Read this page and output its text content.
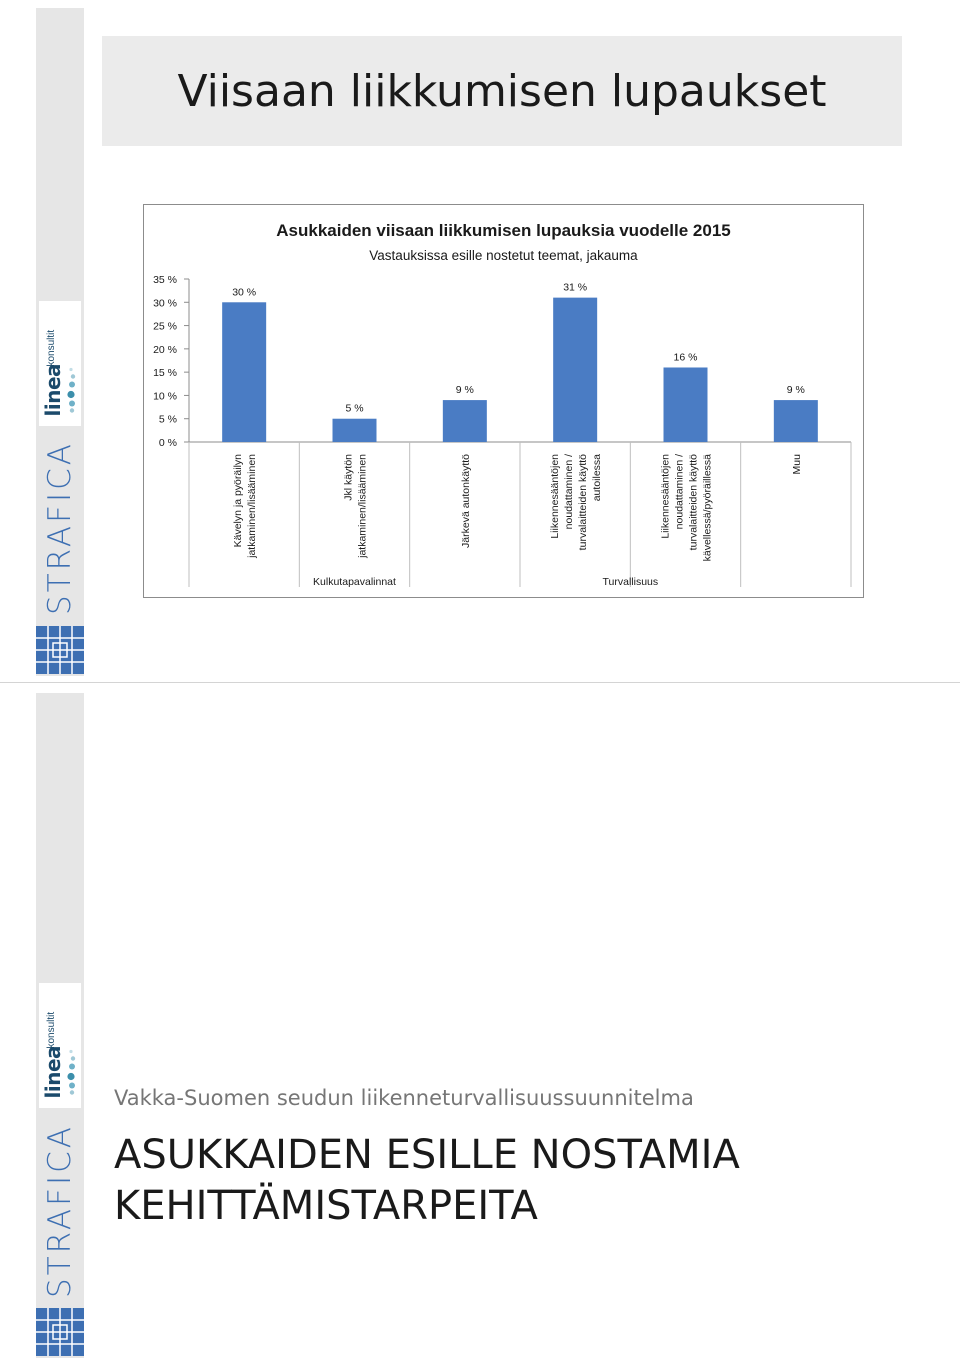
linea
konsultit
STRAFICA
Viisaan liikkumisen lupaukset
Asukkaiden viisaan liikkumisen lupauksia vuodelle 2015
Vastauksissa esille nostetut teemat, jakauma
0 %
5 %
10 %
15 %
20 %
25 %
30 %
35 %
30 %
Kävelyn ja pyöräilyn jatkaminen/lisääminen
5 %
Jkl käytön jatkaminen/lisääminen
9 %
Järkevä autonkäyttö
31 %
Liikennesääntöjen noudattaminen / turvalaitteiden käyttö autoilessa
16 %
Liikennesääntöjen noudattaminen / turvalaitteiden käyttö kävellessä/pyöräillessä
9 %
Muu
Kulkutapavalinnat	Turvallisuus
linea
konsultit
STRAFICA
Vakka-Suomen seudun liikenneturvallisuussuunnitelma
ASUKKAIDEN ESILLE NOSTAMIA
KEHITTÄMISTARPEITA
